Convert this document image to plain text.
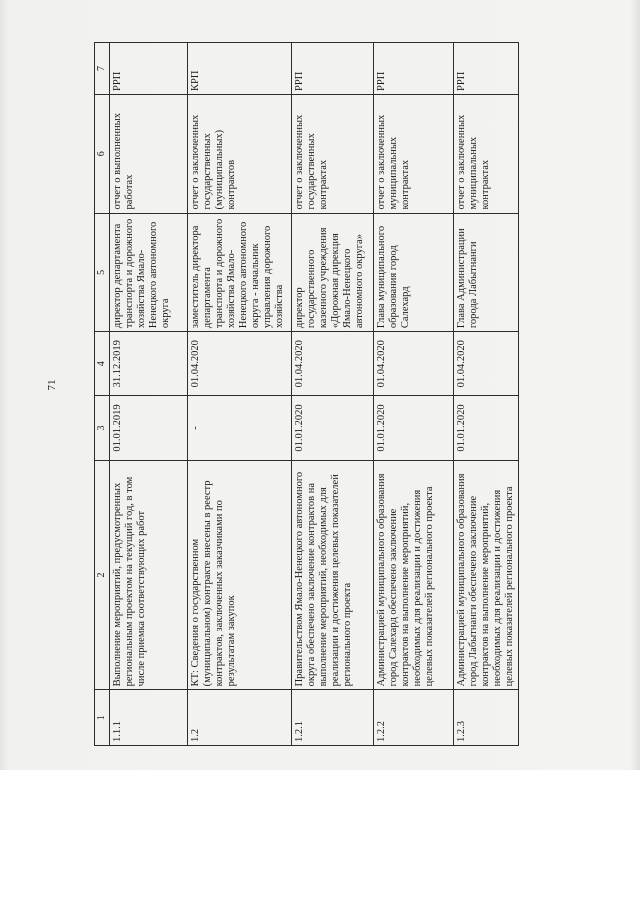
71
1	2	3	4	5	6	7
1.1.1	Выполнение мероприятий, предусмотренных региональным проектом на текущий год, в том числе приемка соответствующих работ	01.01.2019	31.12.2019	директор департамента транспорта и дорожного хозяйства Ямало-Ненецкого автономного округа	отчет о выполненных работах	РРП
1.2	КТ: Сведения о государственном (муниципальном) контракте внесены в реестр контрактов, заключенных заказчиками по результатам закупок	-	01.04.2020	заместитель директора департамента транспорта и дорожного хозяйства Ямало-Ненецкого автономного округа - начальник управления дорожного хозяйства	отчет о заключенных государственных (муниципальных) контрактов	КРП
1.2.1	Правительством Ямало-Ненецкого автономного округа обеспечено заключение контрактов на выполнение мероприятий, необходимых для реализации и достижения целевых показателей регионального проекта	01.01.2020	01.04.2020	директор государственного казенного учреждения «Дорожная дирекция Ямало-Ненецкого автономного округа»	отчет о заключенных государственных контрактах	РРП
1.2.2	Администрацией муниципального образования город Салехард обеспечено заключение контрактов на выполнение мероприятий, необходимых для реализации и достижения целевых показателей регионального проекта	01.01.2020	01.04.2020	Глава муниципального образования город Салехард	отчет о заключенных муниципальных контрактах	РРП
1.2.3	Администрацией муниципального образования город Лабытнанги обеспечено заключение контрактов на выполнение мероприятий, необходимых для реализации и достижения целевых показателей регионального проекта	01.01.2020	01.04.2020	Глава Администрации города Лабытнанги	отчет о заключенных муниципальных контрактах	РРП
